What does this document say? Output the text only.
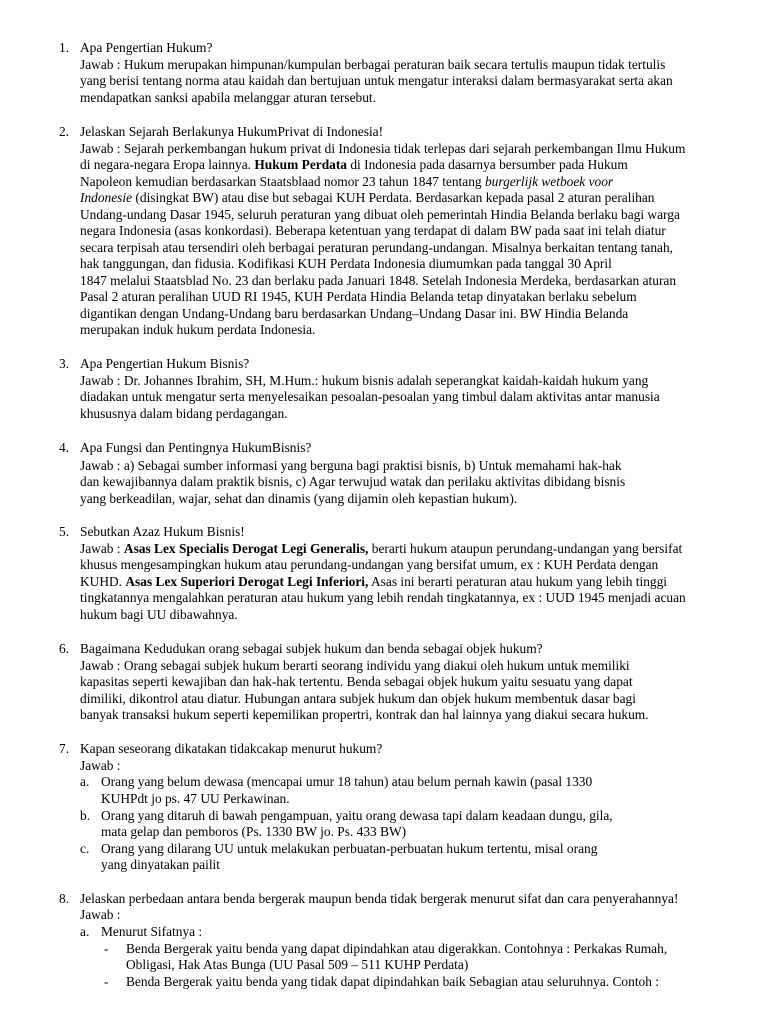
1. Apa Pengertian Hukum?
Jawab : Hukum merupakan himpunan/kumpulan berbagai peraturan baik secara tertulis maupun tidak tertulis
yang berisi tentang norma atau kaidah dan bertujuan untuk mengatur interaksi dalam bermasyarakat serta akan
mendapatkan sanksi apabila melanggar aturan tersebut.
2. Jelaskan Sejarah Berlakunya HukumPrivat di Indonesia!
Jawab : Sejarah perkembangan hukum privat di Indonesia tidak terlepas dari sejarah perkembangan Ilmu Hukum
di negara-negara Eropa lainnya. Hukum Perdata di Indonesia pada dasarnya bersumber pada Hukum
Napoleon kemudian berdasarkan Staatsblaad nomor 23 tahun 1847 tentang burgerlijk wetboek voor
Indonesie (disingkat BW) atau dise but sebagai KUH Perdata. Berdasarkan kepada pasal 2 aturan peralihan
Undang-undang Dasar 1945, seluruh peraturan yang dibuat oleh pemerintah Hindia Belanda berlaku bagi warga
negara Indonesia (asas konkordasi). Beberapa ketentuan yang terdapat di dalam BW pada saat ini telah diatur
secara terpisah atau tersendiri oleh berbagai peraturan perundang-undangan. Misalnya berkaitan tentang tanah,
hak tanggungan, dan fidusia. Kodifikasi KUH Perdata Indonesia diumumkan pada tanggal 30 April
1847 melalui Staatsblad No. 23 dan berlaku pada Januari 1848. Setelah Indonesia Merdeka, berdasarkan aturan
Pasal 2 aturan peralihan UUD RI 1945, KUH Perdata Hindia Belanda tetap dinyatakan berlaku sebelum
digantikan dengan Undang-Undang baru berdasarkan Undang–Undang Dasar ini. BW Hindia Belanda
merupakan induk hukum perdata Indonesia.
3. Apa Pengertian Hukum Bisnis?
Jawab : Dr. Johannes Ibrahim, SH, M.Hum.: hukum bisnis adalah seperangkat kaidah-kaidah hukum yang
diadakan untuk mengatur serta menyelesaikan pesoalan-pesoalan yang timbul dalam aktivitas antar manusia
khususnya dalam bidang perdagangan.
4. Apa Fungsi dan Pentingnya HukumBisnis?
Jawab : a) Sebagai sumber informasi yang berguna bagi praktisi bisnis, b) Untuk memahami hak-hak
dan kewajibannya dalam praktik bisnis, c) Agar terwujud watak dan perilaku aktivitas dibidang bisnis
yang berkeadilan, wajar, sehat dan dinamis (yang dijamin oleh kepastian hukum).
5. Sebutkan Azaz Hukum Bisnis!
Jawab : Asas Lex Specialis Derogat Legi Generalis, berarti hukum ataupun perundang-undangan yang bersifat
khusus mengesampingkan hukum atau perundang-undangan yang bersifat umum, ex : KUH Perdata dengan
KUHD. Asas Lex Superiori Derogat Legi Inferiori, Asas ini berarti peraturan atau hukum yang lebih tinggi
tingkatannya mengalahkan peraturan atau hukum yang lebih rendah tingkatannya, ex : UUD 1945 menjadi acuan
hukum bagi UU dibawahnya.
6. Bagaimana Kedudukan orang sebagai subjek hukum dan benda sebagai objek hukum?
Jawab : Orang sebagai subjek hukum berarti seorang individu yang diakui oleh hukum untuk memiliki
kapasitas seperti kewajiban dan hak-hak tertentu. Benda sebagai objek hukum yaitu sesuatu yang dapat
dimiliki, dikontrol atau diatur. Hubungan antara subjek hukum dan objek hukum membentuk dasar bagi
banyak transaksi hukum seperti kepemilikan propertri, kontrak dan hal lainnya yang diakui secara hukum.
7. Kapan seseorang dikatakan tidakcakap menurut hukum?
Jawab :
a. Orang yang belum dewasa (mencapai umur 18 tahun) atau belum pernah kawin (pasal 1330
KUHPdt jo ps. 47 UU Perkawinan.
b. Orang yang ditaruh di bawah pengampuan, yaitu orang dewasa tapi dalam keadaan dungu, gila,
mata gelap dan pemboros (Ps. 1330 BW jo. Ps. 433 BW)
c. Orang yang dilarang UU untuk melakukan perbuatan-perbuatan hukum tertentu, misal orang
yang dinyatakan pailit
8. Jelaskan perbedaan antara benda bergerak maupun benda tidak bergerak menurut sifat dan cara penyerahannya!
Jawab :
a. Menurut Sifatnya :
- Benda Bergerak yaitu benda yang dapat dipindahkan atau digerakkan. Contohnya : Perkakas Rumah,
Obligasi, Hak Atas Bunga (UU Pasal 509 – 511 KUHP Perdata)
- Benda Bergerak yaitu benda yang tidak dapat dipindahkan baik Sebagian atau seluruhnya. Contoh :
